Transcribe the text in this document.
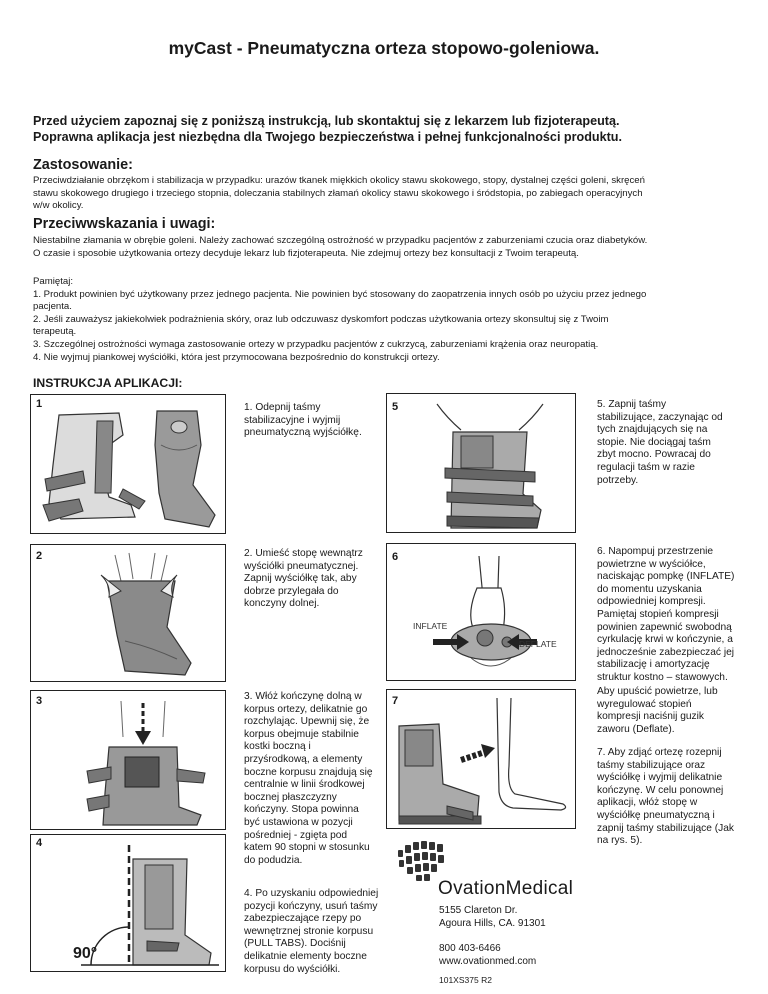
myCast - Pneumatyczna orteza stopowo-goleniowa.
Przed użyciem zapoznaj się z poniższą instrukcją, lub skontaktuj się z lekarzem lub fizjoterapeutą.
Poprawna aplikacja jest niezbędna dla Twojego bezpieczeństwa i pełnej funkcjonalności produktu.
Zastosowanie:
Przeciwdziałanie obrzękom i stabilizacja w przypadku: urazów tkanek miękkich okolicy stawu skokowego, stopy, dystalnej części goleni, skręceń
stawu skokowego drugiego i trzeciego stopnia, doleczania stabilnych złamań okolicy stawu skokowego i śródstopia, po zabiegach operacyjnych
w/w okolicy.
Przeciwwskazania i uwagi:
Niestabilne złamania w obrębie goleni. Należy zachować szczególną ostrożność w przypadku pacjentów z zaburzeniami czucia oraz diabetyków.
O czasie i sposobie użytkowania ortezy decyduje lekarz lub fizjoterapeuta. Nie zdejmuj ortezy bez konsultacji z Twoim terapeutą.
Pamiętaj:
1. Produkt powinien być użytkowany przez jednego pacjenta. Nie powinien być stosowany do zaopatrzenia innych osób po użyciu przez jednego
pacjenta.
2. Jeśli zauważysz jakiekolwiek podrażnienia skóry, oraz lub odczuwasz dyskomfort podczas użytkowania ortezy skonsultuj się z Twoim
terapeutą.
3. Szczególnej ostrożności wymaga zastosowanie ortezy w przypadku pacjentów z cukrzycą, zaburzeniami krążenia oraz neuropatią.
4. Nie wyjmuj piankowej wyściółki, która jest przymocowana bezpośrednio do konstrukcji ortezy.
INSTRUKCJA APLIKACJI:
1	1. Odepnij taśmy
stabilizacyjne i wyjmij
pneumatyczną wyjściółkę.
2	2. Umieść stopę wewnątrz
wyściółki pneumatycznej.
Zapnij wyściółkę tak, aby
dobrze przylegała do
konczyny dolnej.
3	3. Włóż kończynę dolną w
korpus ortezy, delikatnie go
rozchylając. Upewnij się, że
korpus obejmuje stabilnie
kostki boczną i
przyśrodkową, a elementy
boczne korpusu znajdują się
centralnie w linii środkowej
bocznej płaszczyzny
kończyny. Stopa powinna
być ustawiona w pozycji
pośredniej - zgięta pod
katem 90 stopni w stosunku
do podudzia.
4
90°
4. Po uzyskaniu odpowiedniej
pozycji kończyny, usuń taśmy
zabezpieczające rzepy po
wewnętrznej stronie korpusu
(PULL TABS). Dociśnij
delikatnie elementy boczne
korpusu do wyściółki.
5	5. Zapnij taśmy
stabilizujące, zaczynając od
tych znajdujących się na
stopie. Nie dociągaj taśm
zbyt mocno. Powracaj do
regulacji taśm w razie
potrzeby.
6
INFLATE
DEFLATE
6. Napompuj przestrzenie
powietrzne w wyściółce,
naciskając pompkę (INFLATE)
do momentu uzyskania
odpowiedniej kompresji.
Pamiętaj stopień kompresji
powinien zapewnić swobodną
cyrkulację krwi w kończynie, a
jednocześnie zabezpieczać jej
stabilizację i amortyzację
struktur kostno – stawowych.
7
Aby upuścić powietrze, lub
wyregulować stopień
kompresji naciśnij guzik
zaworu (Deflate).
7. Aby zdjąć ortezę rozepnij
taśmy stabilizujące oraz
wyściółkę i wyjmij delikatnie
kończynę. W celu ponownej
aplikacji, włóż stopę w
wyściółkę pneumatyczną i
zapnij taśmy stabilizujące (Jak
na rys. 5).
OvationMedical
5155 Clareton Dr.
Agoura Hills, CA. 91301
800 403-6466
www.ovationmed.com
101XS375 R2
